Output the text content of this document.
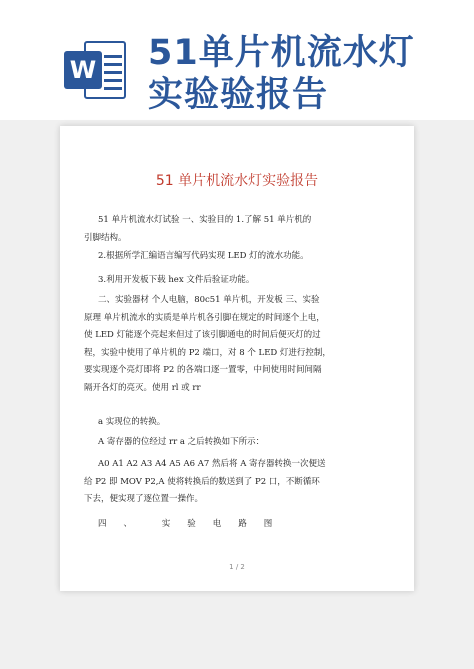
W 51单片机流水灯
实验验报告
51 单片机流水灯实验报告
51 单片机流水灯试验 一、实验目的 1.了解 51 单片机的
引脚结构。
2.根据所学汇编语言编写代码实现 LED 灯的流水功能。
3.利用开发板下载 hex 文件后验证功能。
二、实验器材 个人电脑，80c51 单片机，开发板 三、实验
原理 单片机流水的实质是单片机各引脚在规定的时间逐个上电，
使 LED 灯能逐个亮起来但过了该引脚通电的时间后便灭灯的过
程，实验中使用了单片机的 P2 端口，对 8 个 LED 灯进行控制，
要实现逐个亮灯即将 P2 的各端口逐一置零，中间使用时间间隔
隔开各灯的亮灭。使用 rl 或 rr
a 实现位的转换。
A 寄存器的位经过 rr a 之后转换如下所示：
A0 A1 A2 A3 A4 A5 A6 A7 然后将 A 寄存器转换一次便送
给 P2 即 MOV P2,A 使将转换后的数送到了 P2 口，不断循环
下去，便实现了逐位置一操作。
四　　、　　　　实　　验　　电　　路　　图
1 / 2
